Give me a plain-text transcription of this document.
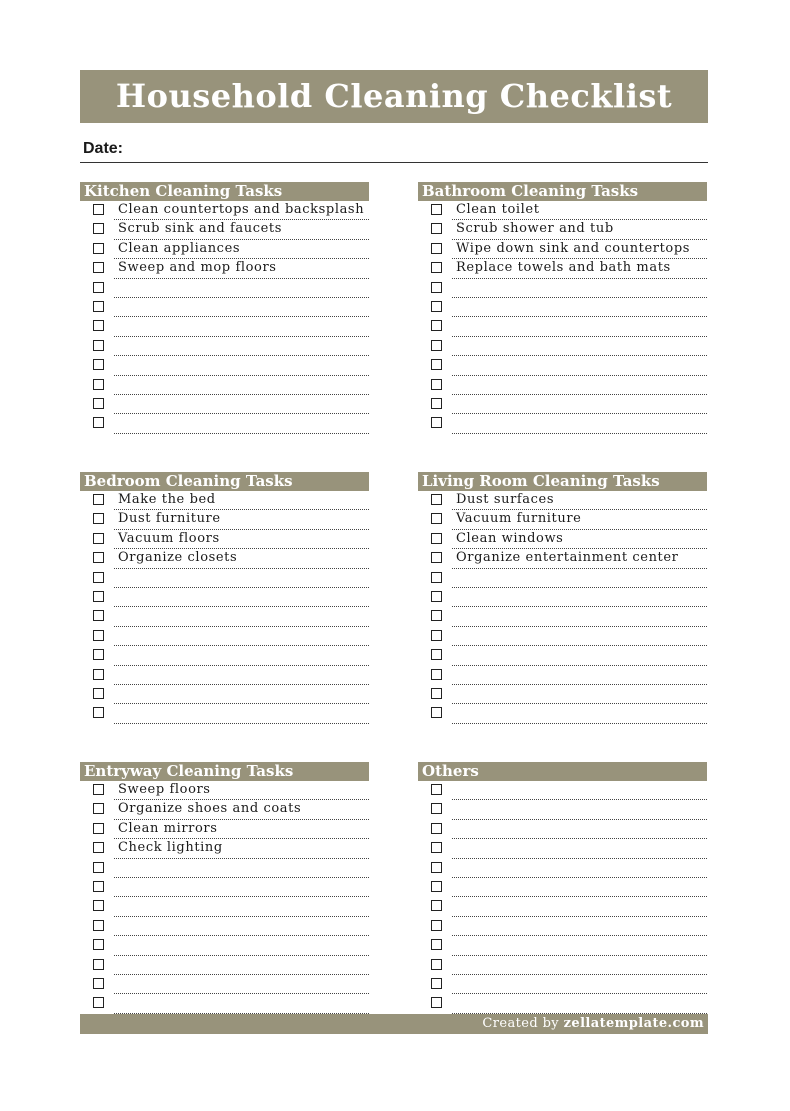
Household Cleaning Checklist
Date:
Kitchen Cleaning Tasks
Clean countertops and backsplash
Scrub sink and faucets
Clean appliances
Sweep and mop floors
Bathroom Cleaning Tasks
Clean toilet
Scrub shower and tub
Wipe down sink and countertops
Replace towels and bath mats
Bedroom Cleaning Tasks
Make the bed
Dust furniture
Vacuum floors
Organize closets
Living Room Cleaning Tasks
Dust surfaces
Vacuum furniture
Clean windows
Organize entertainment center
Entryway Cleaning Tasks
Sweep floors
Organize shoes and coats
Clean mirrors
Check lighting
Others
Created by zellatemplate.com
